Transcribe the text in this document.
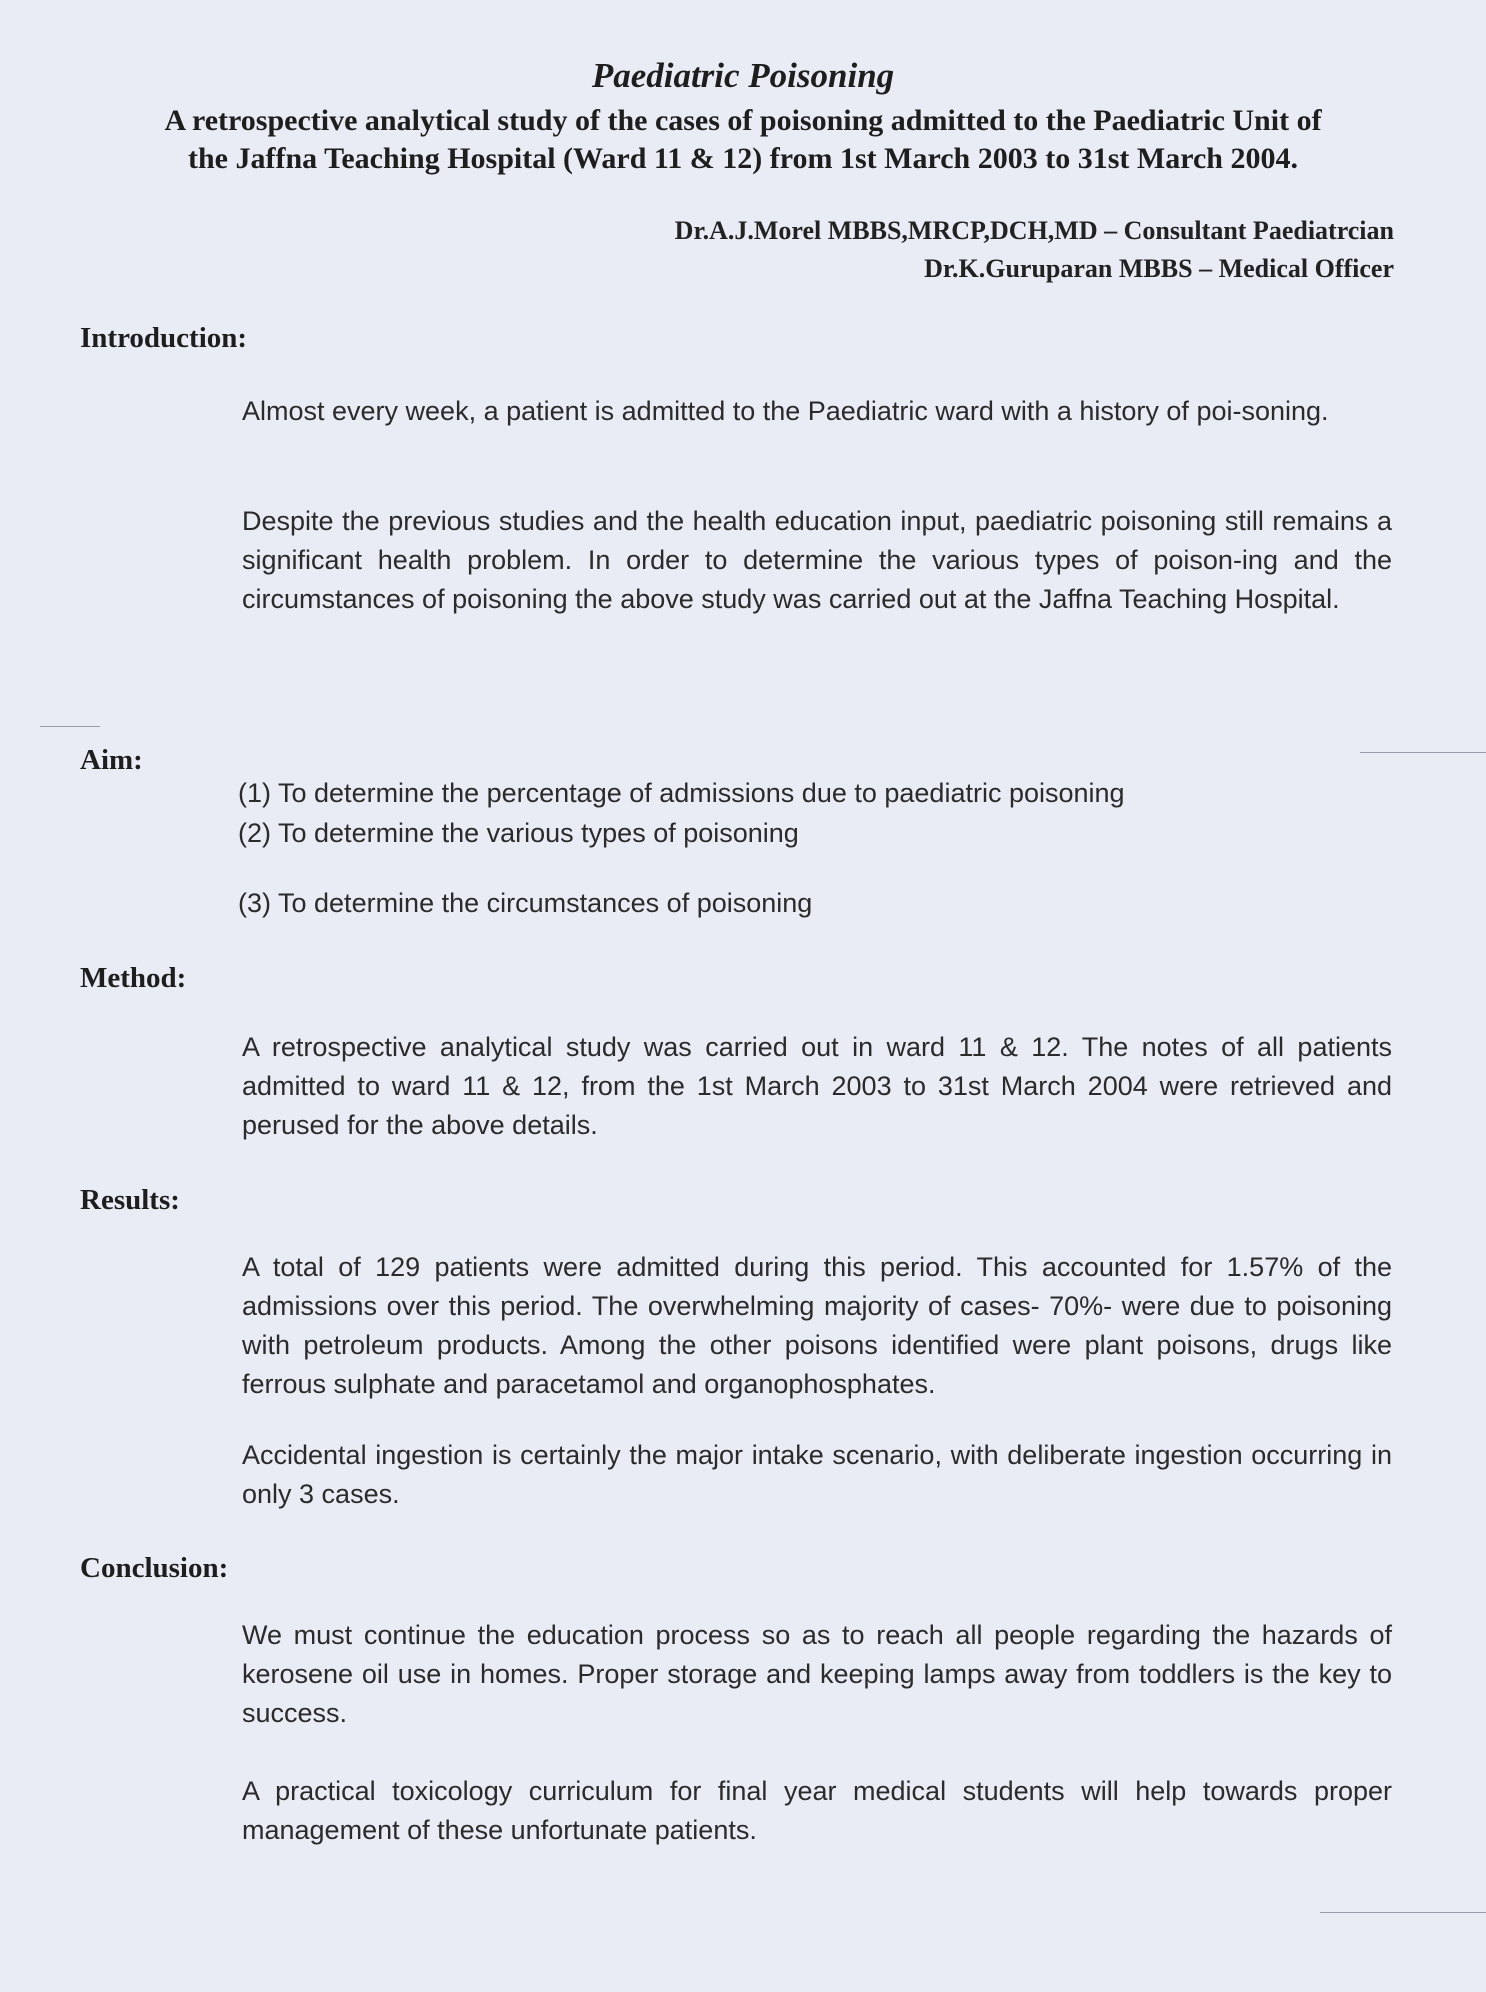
Paediatric Poisoning
A retrospective analytical study of the cases of poisoning admitted to the Paediatric Unit of
the Jaffna Teaching Hospital (Ward 11 & 12) from 1st March 2003 to 31st March 2004.
Dr.A.J.Morel MBBS,MRCP,DCH,MD – Consultant Paediatrcian
Dr.K.Guruparan MBBS – Medical Officer
Introduction:
Almost every week, a patient is admitted to the Paediatric ward with a history of poi-soning.
Despite the previous studies and the health education input, paediatric poisoning still remains a significant health problem. In order to determine the various types of poison-ing and the circumstances of poisoning the above study was carried out at the Jaffna Teaching Hospital.
Aim:
(1) To determine the percentage of admissions due to paediatric poisoning
(2) To determine the various types of poisoning
(3) To determine the circumstances of poisoning
Method:
A retrospective analytical study was carried out in ward 11 & 12. The notes of all patients admitted to ward 11 & 12, from the 1st March 2003 to 31st March 2004 were retrieved and perused for the above details.
Results:
A total of 129 patients were admitted during this period. This accounted for 1.57% of the admissions over this period. The overwhelming majority of cases- 70%- were due to poisoning with petroleum products. Among the other poisons identified were plant poisons, drugs like ferrous sulphate and paracetamol and organophosphates.
Accidental ingestion is certainly the major intake scenario, with deliberate ingestion occurring in only 3 cases.
Conclusion:
We must continue the education process so as to reach all people regarding the hazards of kerosene oil use in homes. Proper storage and keeping lamps away from toddlers is the key to success.
A practical toxicology curriculum for final year medical students will help towards proper management of these unfortunate patients.
